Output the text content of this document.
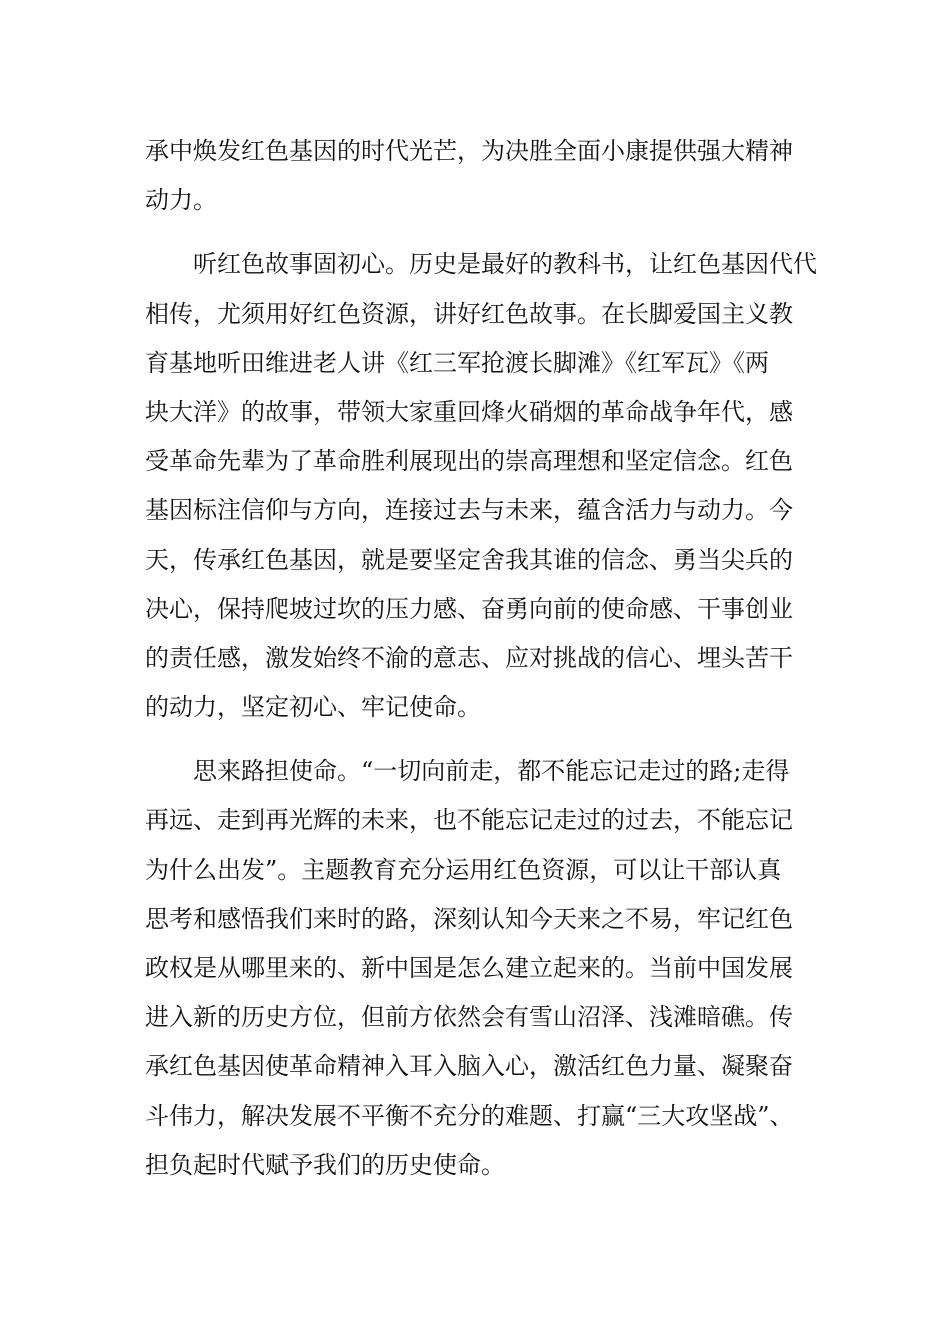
承中焕发红色基因的时代光芒，为决胜全面小康提供强大精神
动力。
听红色故事固初心。历史是最好的教科书，让红色基因代代
相传，尤须用好红色资源，讲好红色故事。在长脚爱国主义教
育基地听田维进老人讲《红三军抢渡长脚滩》《红军瓦》《两
块大洋》的故事，带领大家重回烽火硝烟的革命战争年代，感
受革命先辈为了革命胜利展现出的崇高理想和坚定信念。红色
基因标注信仰与方向，连接过去与未来，蕴含活力与动力。今
天，传承红色基因，就是要坚定舍我其谁的信念、勇当尖兵的
决心，保持爬坡过坎的压力感、奋勇向前的使命感、干事创业
的责任感，激发始终不渝的意志、应对挑战的信心、埋头苦干
的动力，坚定初心、牢记使命。
思来路担使命。“一切向前走，都不能忘记走过的路;走得
再远、走到再光辉的未来，也不能忘记走过的过去，不能忘记
为什么出发”。主题教育充分运用红色资源，可以让干部认真
思考和感悟我们来时的路，深刻认知今天来之不易，牢记红色
政权是从哪里来的、新中国是怎么建立起来的。当前中国发展
进入新的历史方位，但前方依然会有雪山沼泽、浅滩暗礁。传
承红色基因使革命精神入耳入脑入心，激活红色力量、凝聚奋
斗伟力，解决发展不平衡不充分的难题、打赢“三大攻坚战”、
担负起时代赋予我们的历史使命。
